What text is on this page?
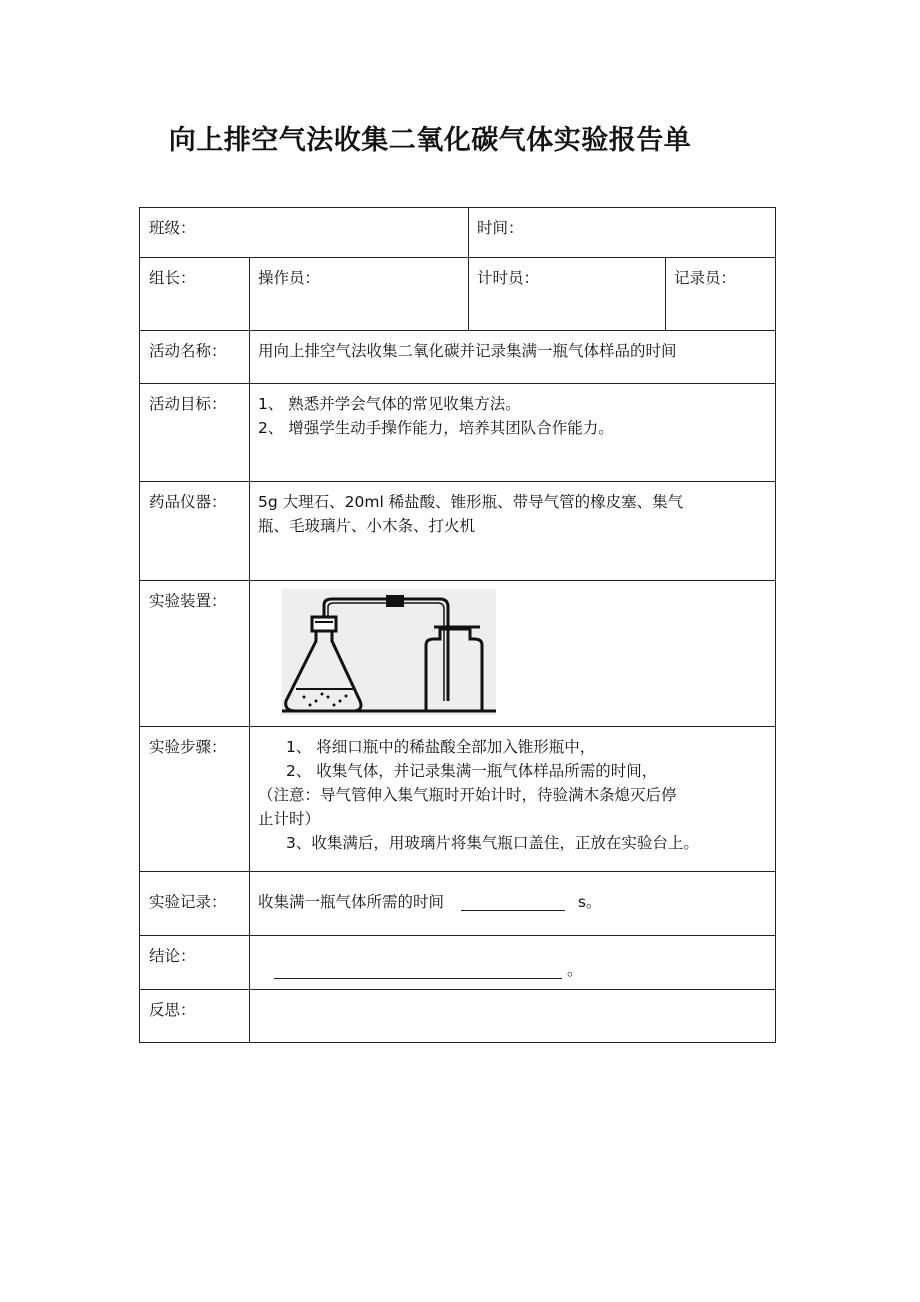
向上排空气法收集二氧化碳气体实验报告单
班级：		时间：	
组长：	操作员：	计时员：	记录员：
活动名称：	用向上排空气法收集二氧化碳并记录集满一瓶气体样品的时间		
活动目标：	1、 熟悉并学会气体的常见收集方法。
2、 增强学生动手操作能力，培养其团队合作能力。		

药品仪器：	5g 大理石、20ml 稀盐酸、锥形瓶、带导气管的橡皮塞、集气
瓶、毛玻璃片、小木条、打火机		

实验装置：	

实验步骤：	1、 将细口瓶中的稀盐酸全部加入锥形瓶中，
2、 收集气体，并记录集满一瓶气体样品所需的时间，
（注意：导气管伸入集气瓶时开始计时，待验满木条熄灭后停
止计时）
3、收集满后，用玻璃片将集气瓶口盖住，正放在实验台上。		

实验记录：	收集满一瓶气体所需的时间 s。		
结论：	。		
反思：			
